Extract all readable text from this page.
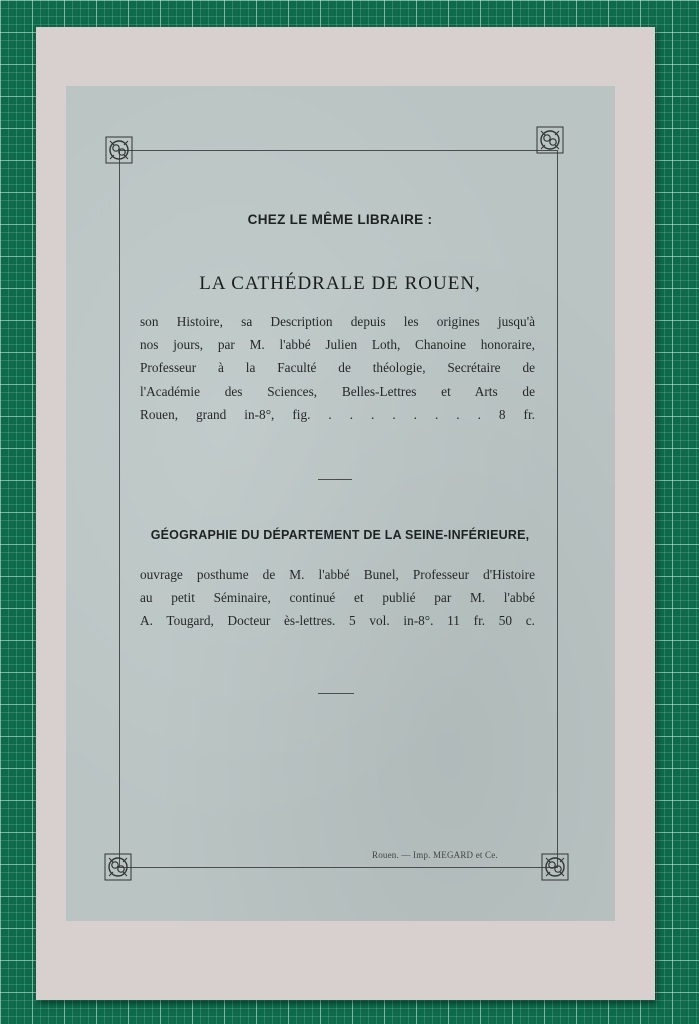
CHEZ LE MÊME LIBRAIRE :
LA CATHÉDRALE DE ROUEN,
son Histoire, sa Description depuis les origines jusqu'à
nos jours, par M. l'abbé Julien Loth, Chanoine honoraire,
Professeur à la Faculté de théologie, Secrétaire de
l'Académie des Sciences, Belles-Lettres et Arts de
Rouen, grand in-8°, fig. . . . . . . . . 8 fr.
GÉOGRAPHIE DU DÉPARTEMENT DE LA SEINE-INFÉRIEURE,
ouvrage posthume de M. l'abbé Bunel, Professeur d'Histoire
au petit Séminaire, continué et publié par M. l'abbé
A. Tougard, Docteur ès-lettres. 5 vol. in-8°. 11 fr. 50 c.
Rouen. — Imp. MEGARD et Ce.
